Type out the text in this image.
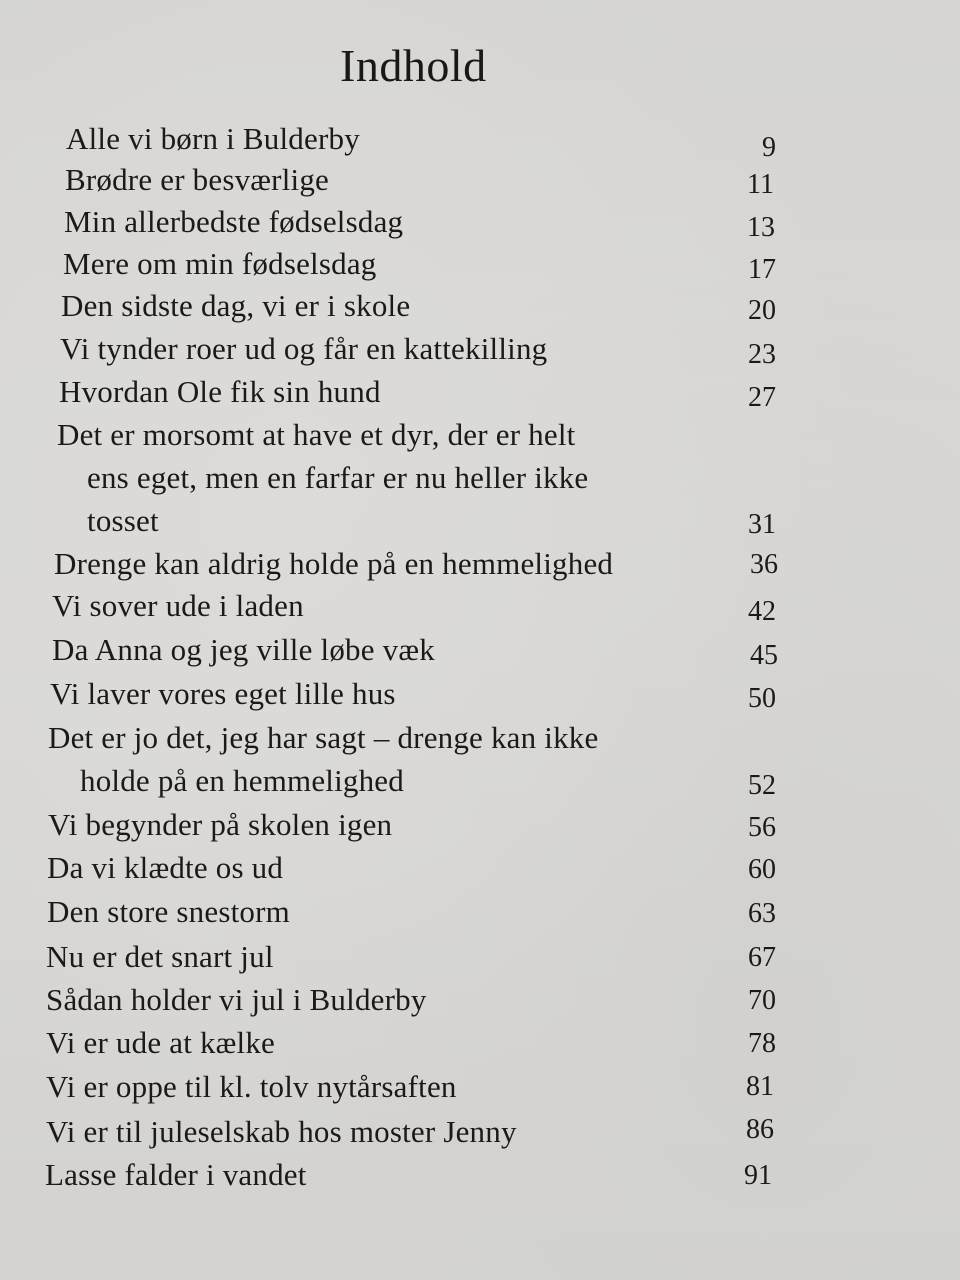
Indhold
Alle vi børn i Bulderby	9
Brødre er besværlige	11
Min allerbedste fødselsdag	13
Mere om min fødselsdag	17
Den sidste dag, vi er i skole	20
Vi tynder roer ud og får en kattekilling	23
Hvordan Ole fik sin hund	27
Det er morsomt at have et dyr, der er helt
ens eget, men en farfar er nu heller ikke
tosset	31
Drenge kan aldrig holde på en hemmelighed	36
Vi sover ude i laden	42
Da Anna og jeg ville løbe væk	45
Vi laver vores eget lille hus	50
Det er jo det, jeg har sagt – drenge kan ikke
holde på en hemmelighed	52
Vi begynder på skolen igen	56
Da vi klædte os ud	60
Den store snestorm	63
Nu er det snart jul	67
Sådan holder vi jul i Bulderby	70
Vi er ude at kælke	78
Vi er oppe til kl. tolv nytårsaften	81
Vi er til juleselskab hos moster Jenny	86
Lasse falder i vandet	91
